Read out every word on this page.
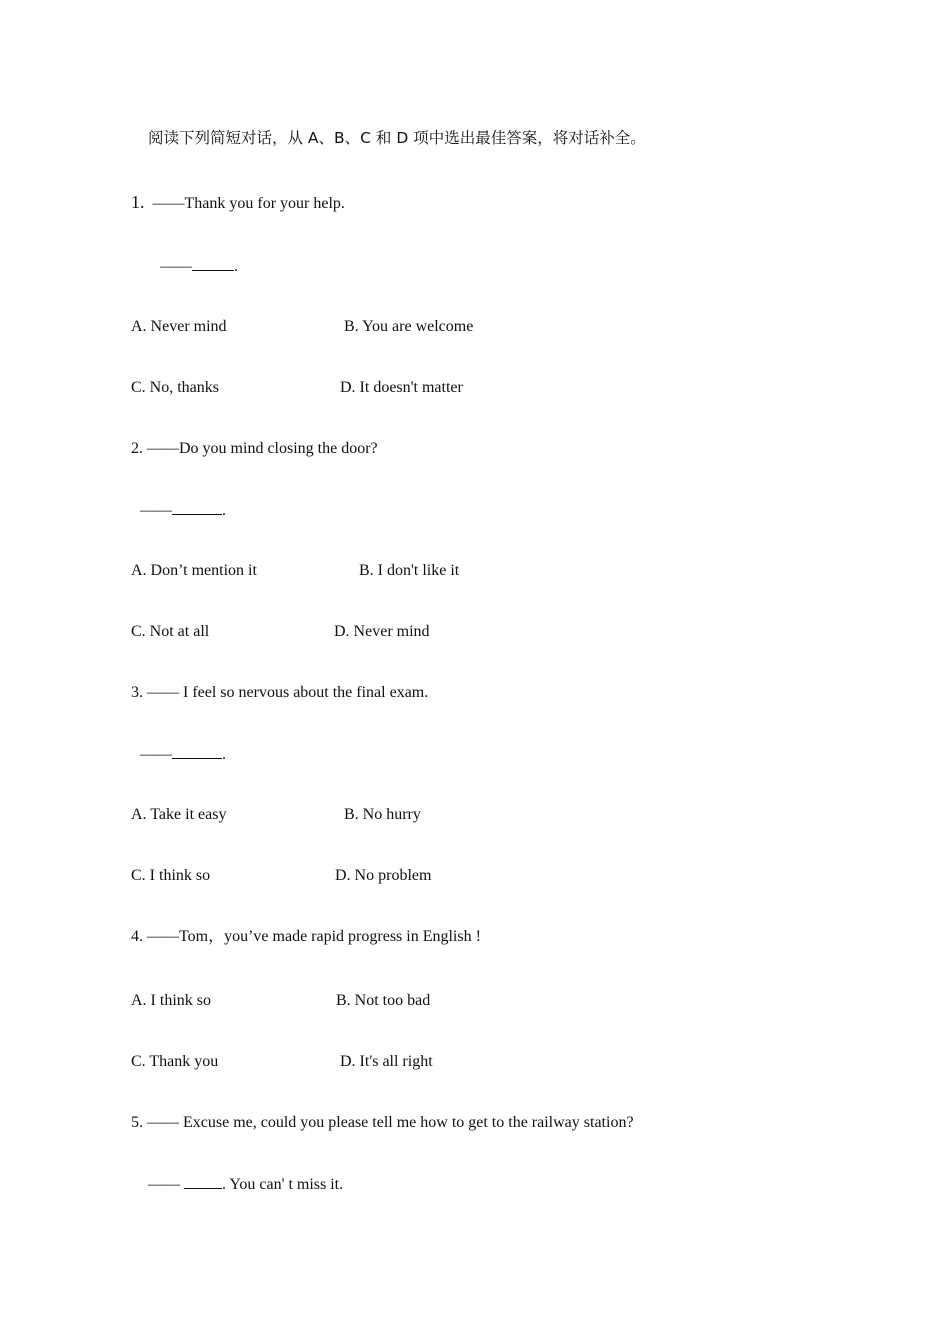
阅读下列简短对话，从 A、B、C 和 D 项中选出最佳答案，将对话补全。
1. ——Thank you for your help.
——	.
A. Never mind	B. You are welcome
C. No, thanks	D. It doesn't matter
2. ——Do you mind closing the door?
——	.
A. Don’t mention it	B. I don't like it
C. Not at all	D. Never mind
3. —— I feel so nervous about the final exam.
——	.
A. Take it easy	B. No hurry
C. I think so	D. No problem
4. ——Tom，you’ve made rapid progress in English !
A. I think so	B. Not too bad
C. Thank you	D. It's all right
5. —— Excuse me, could you please tell me how to get to the railway station?
—— . You can' t miss it.
